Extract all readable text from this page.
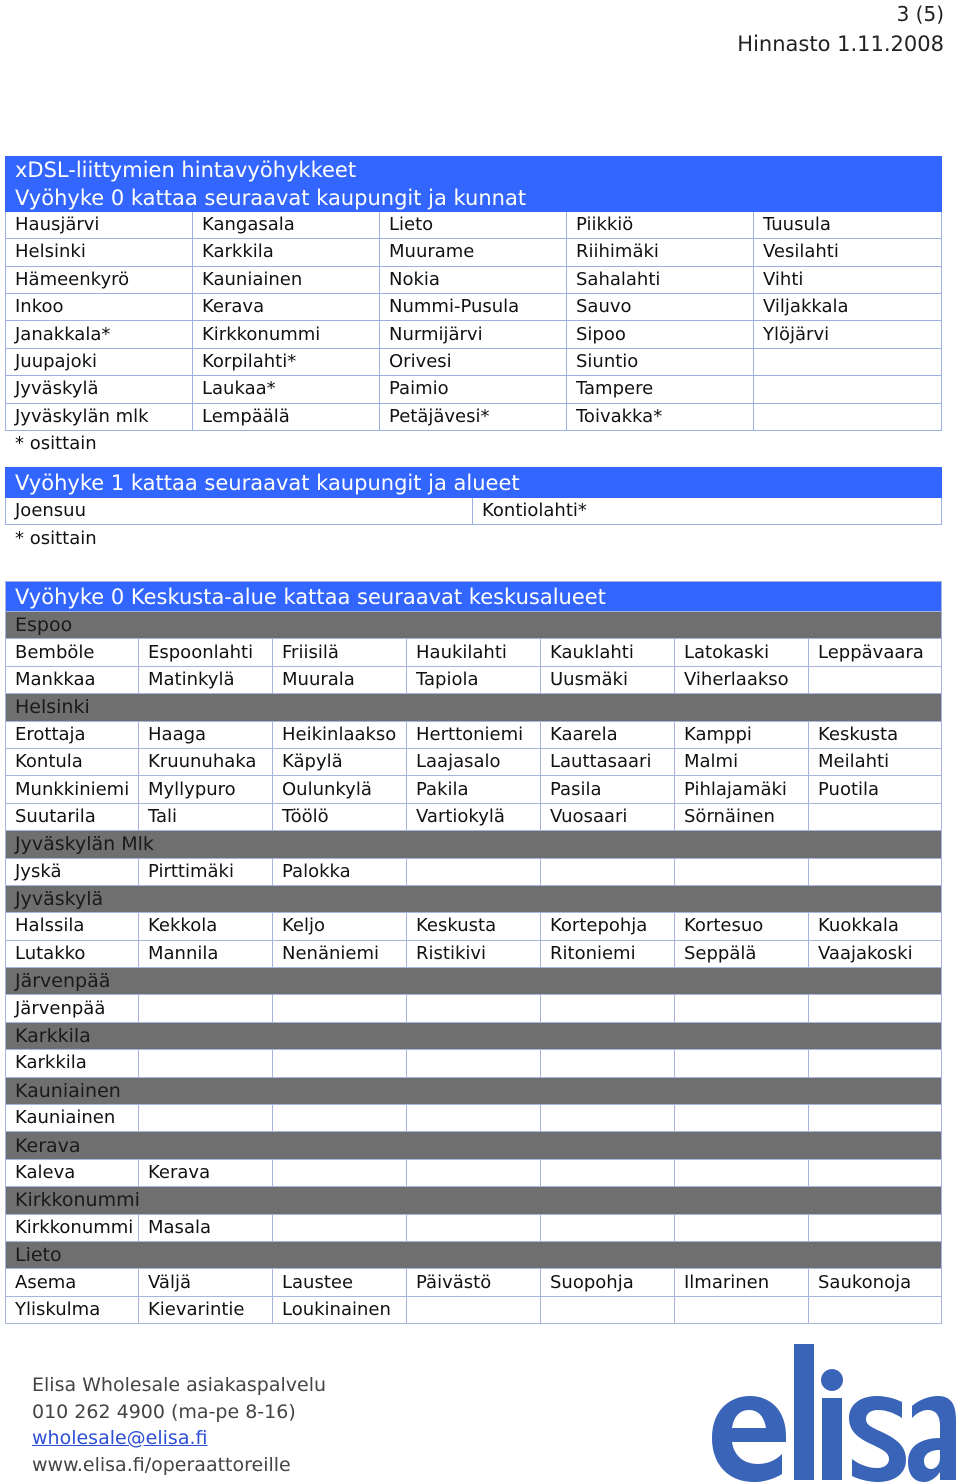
3 (5)
Hinnasto 1.11.2008
xDSL-liittymien hintavyöhykkeet				
Vyöhyke 0 kattaa seuraavat kaupungit ja kunnat				
Hausjärvi	Kangasala	Lieto	Piikkiö	Tuusula
Helsinki	Karkkila	Muurame	Riihimäki	Vesilahti
Hämeenkyrö	Kauniainen	Nokia	Sahalahti	Vihti
Inkoo	Kerava	Nummi-Pusula	Sauvo	Viljakkala
Janakkala*	Kirkkonummi	Nurmijärvi	Sipoo	Ylöjärvi
Juupajoki	Korpilahti*	Orivesi	Siuntio	
Jyväskylä	Laukaa*	Paimio	Tampere	
Jyväskylän mlk	Lempäälä	Petäjävesi*	Toivakka*	
* osittain				
Vyöhyke 1 kattaa seuraavat kaupungit ja alueet
Joensuu	Kontiolahti*
* osittain
Vyöhyke 0 Keskusta-alue kattaa seuraavat keskusalueet						
Espoo						
Bemböle	Espoonlahti	Friisilä	Haukilahti	Kauklahti	Latokaski	Leppävaara
Mankkaa	Matinkylä	Muurala	Tapiola	Uusmäki	Viherlaakso	
Helsinki						
Erottaja	Haaga	Heikinlaakso	Herttoniemi	Kaarela	Kamppi	Keskusta
Kontula	Kruunuhaka	Käpylä	Laajasalo	Lauttasaari	Malmi	Meilahti
Munkkiniemi	Myllypuro	Oulunkylä	Pakila	Pasila	Pihlajamäki	Puotila
Suutarila	Tali	Töölö	Vartiokylä	Vuosaari	Sörnäinen	
Jyväskylän Mlk						
Jyskä	Pirttimäki	Palokka				
Jyväskylä						
Halssila	Kekkola	Keljo	Keskusta	Kortepohja	Kortesuo	Kuokkala
Lutakko	Mannila	Nenäniemi	Ristikivi	Ritoniemi	Seppälä	Vaajakoski
Järvenpää						
Järvenpää						
Karkkila						
Karkkila						
Kauniainen						
Kauniainen						
Kerava						
Kaleva	Kerava					
Kirkkonummi						
Kirkkonummi	Masala					
Lieto						
Asema	Väljä	Laustee	Päivästö	Suopohja	Ilmarinen	Saukonoja
Yliskulma	Kievarintie	Loukinainen				
Elisa Wholesale asiakaspalvelu
010 262 4900 (ma-pe 8-16)
wholesale@elisa.fi
www.elisa.fi/operaattoreille
